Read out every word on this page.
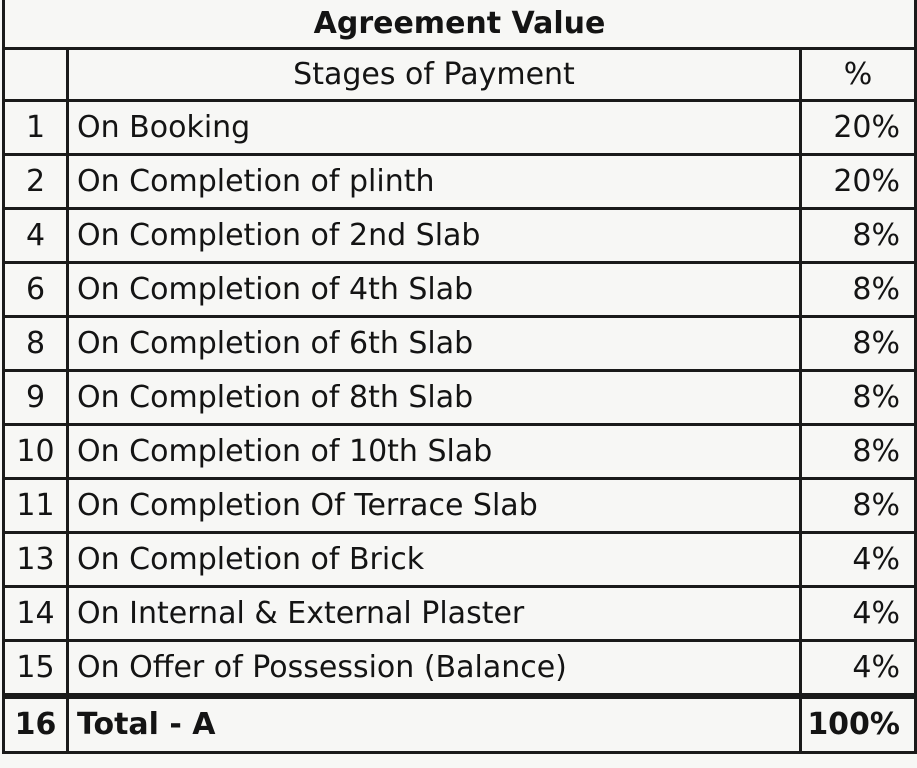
Agreement Value		
	Stages of Payment	%
1	On Booking	20%
2	On Completion of plinth	20%
4	On Completion of 2nd Slab	8%
6	On Completion of 4th Slab	8%
8	On Completion of 6th Slab	8%
9	On Completion of 8th Slab	8%
10	On Completion of 10th Slab	8%
11	On Completion Of Terrace Slab	8%
13	On Completion of Brick	4%
14	On Internal & External Plaster	4%
15	On Offer of Possession (Balance)	4%
16	Total - A	100%
